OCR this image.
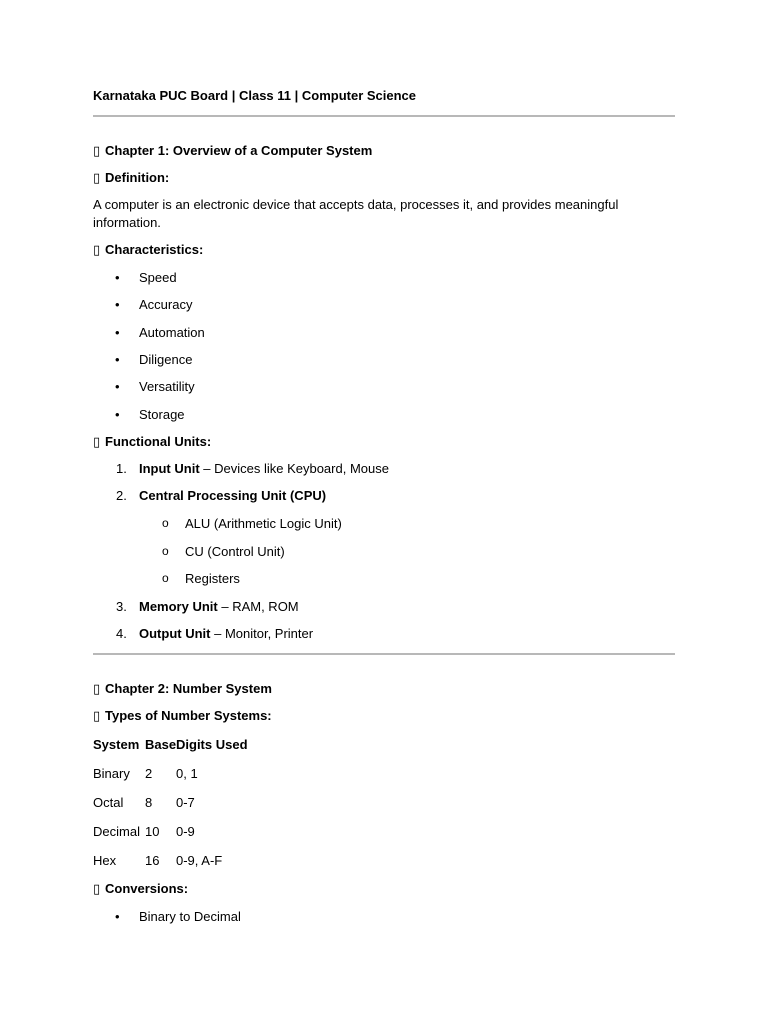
Karnataka PUC Board | Class 11 | Computer Science
▯ Chapter 1: Overview of a Computer System
▯ Definition:
A computer is an electronic device that accepts data, processes it, and provides meaningful information.
▯ Characteristics:
• Speed
• Accuracy
• Automation
• Diligence
• Versatility
• Storage
▯ Functional Units:
1. Input Unit – Devices like Keyboard, Mouse
2. Central Processing Unit (CPU)
o ALU (Arithmetic Logic Unit)
o CU (Control Unit)
o Registers
3. Memory Unit – RAM, ROM
4. Output Unit – Monitor, Printer
▯ Chapter 2: Number System
▯ Types of Number Systems:
System Base Digits Used
Binary 2 0, 1
Octal 8 0-7
Decimal 10 0-9
Hex 16 0-9, A-F
▯ Conversions:
• Binary to Decimal
